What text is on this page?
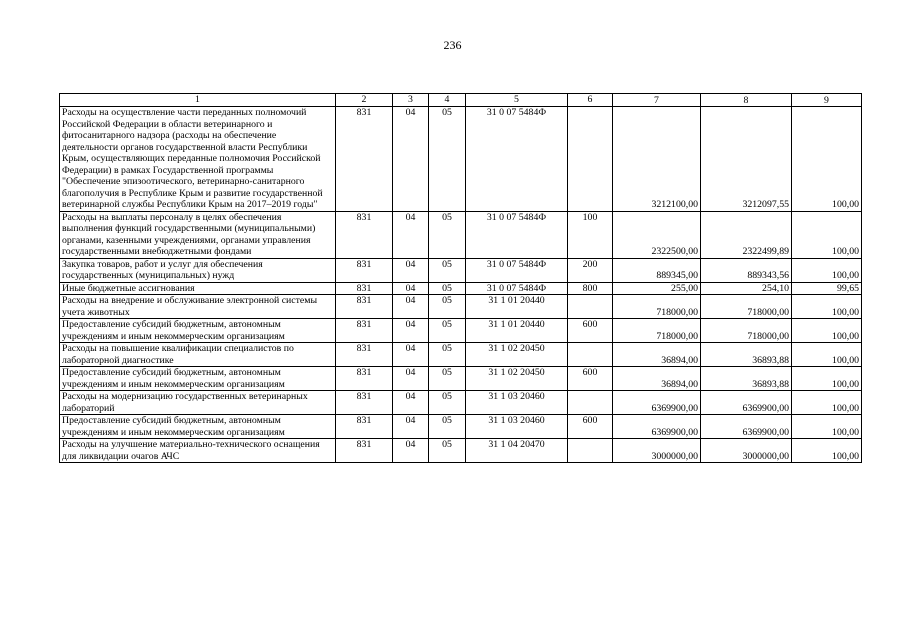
236
1	2	3	4	5	6	7	8	9
Расходы на осуществление части переданных полномочий Российской Федерации в области ветеринарного и фитосанитарного надзора (расходы на обеспечение деятельности органов государственной власти Республики Крым, осуществляющих переданные полномочия Российской Федерации) в рамках Государственной программы "Обеспечение эпизоотического, ветеринарно-санитарного благополучия в Республике Крым и развитие государственной ветеринарной службы Республики Крым на 2017–2019 годы"	831	04	05	31 0 07 5484Ф		3212100,00	3212097,55	100,00
Расходы на выплаты персоналу в целях обеспечения выполнения функций государственными (муниципальными) органами, казенными учреждениями, органами управления государственными внебюджетными фондами	831	04	05	31 0 07 5484Ф	100	2322500,00	2322499,89	100,00
Закупка товаров, работ и услуг для обеспечения государственных (муниципальных) нужд	831	04	05	31 0 07 5484Ф	200	889345,00	889343,56	100,00
Иные бюджетные ассигнования	831	04	05	31 0 07 5484Ф	800	255,00	254,10	99,65
Расходы на внедрение и обслуживание электронной системы учета животных	831	04	05	31 1 01 20440		718000,00	718000,00	100,00
Предоставление субсидий бюджетным, автономным учреждениям и иным некоммерческим организациям	831	04	05	31 1 01 20440	600	718000,00	718000,00	100,00
Расходы на повышение квалификации специалистов по лабораторной диагностике	831	04	05	31 1 02 20450		36894,00	36893,88	100,00
Предоставление субсидий бюджетным, автономным учреждениям и иным некоммерческим организациям	831	04	05	31 1 02 20450	600	36894,00	36893,88	100,00
Расходы на модернизацию государственных ветеринарных лабораторий	831	04	05	31 1 03 20460		6369900,00	6369900,00	100,00
Предоставление субсидий бюджетным, автономным учреждениям и иным некоммерческим организациям	831	04	05	31 1 03 20460	600	6369900,00	6369900,00	100,00
Расходы на улучшение материально-технического оснащения для ликвидации очагов АЧС	831	04	05	31 1 04 20470		3000000,00	3000000,00	100,00
